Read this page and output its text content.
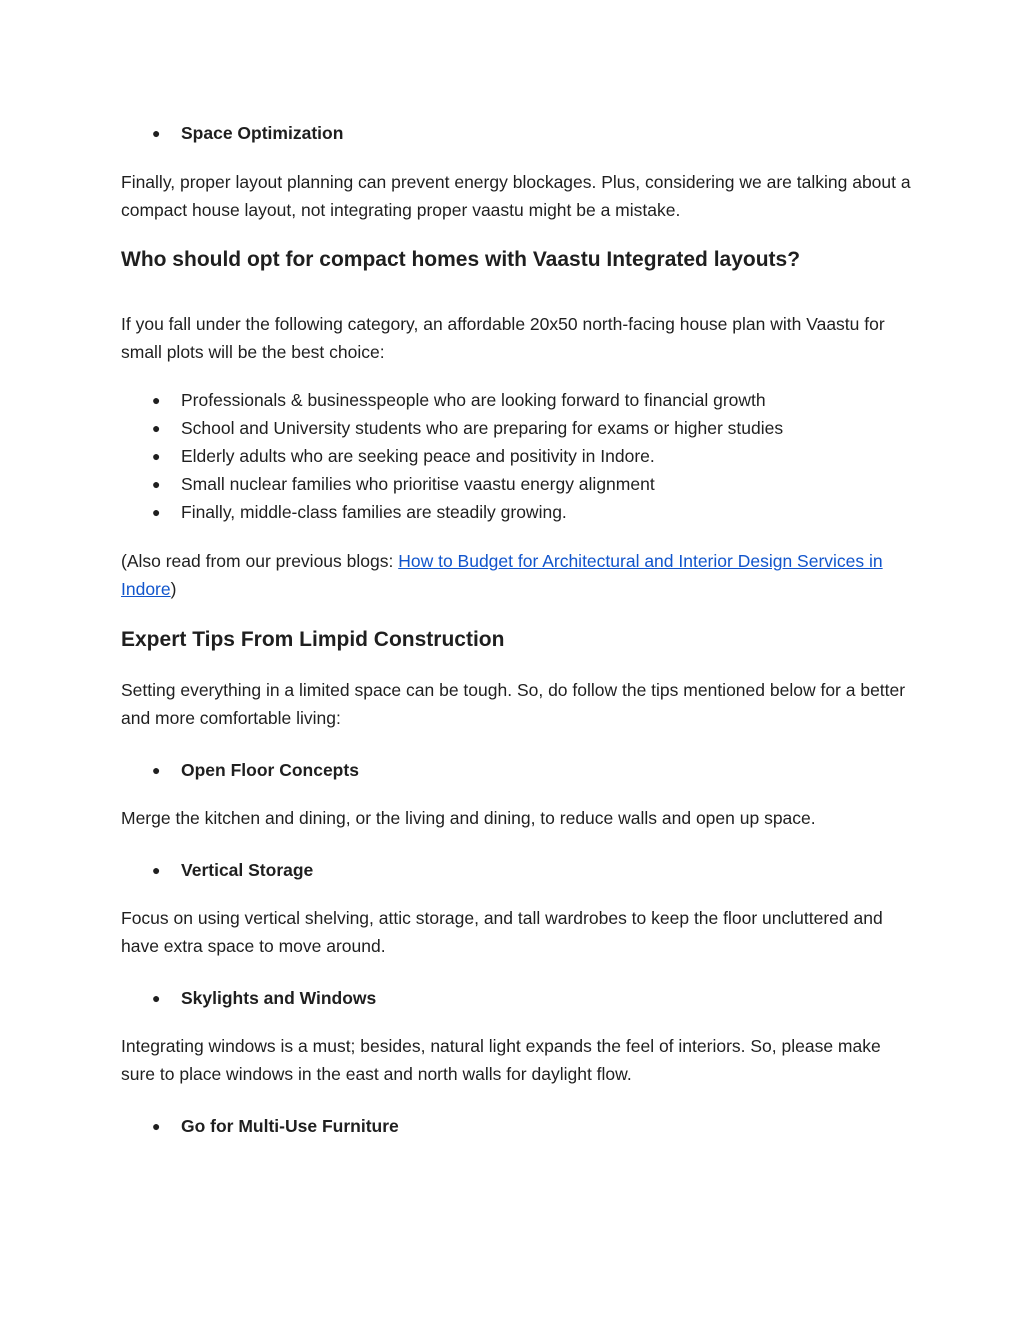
● Space Optimization

Finally, proper layout planning can prevent energy blockages. Plus, considering we are talking about a compact house layout, not integrating proper vaastu might be a mistake.

Who should opt for compact homes with Vaastu Integrated layouts?

If you fall under the following category, an affordable 20x50 north-facing house plan with Vaastu for small plots will be the best choice:

● Professionals & businesspeople who are looking forward to financial growth
● School and University students who are preparing for exams or higher studies
● Elderly adults who are seeking peace and positivity in Indore.
● Small nuclear families who prioritise vaastu energy alignment
● Finally, middle-class families are steadily growing.

(Also read from our previous blogs: How to Budget for Architectural and Interior Design Services in Indore)

Expert Tips From Limpid Construction

Setting everything in a limited space can be tough. So, do follow the tips mentioned below for a better and more comfortable living:

● Open Floor Concepts

Merge the kitchen and dining, or the living and dining, to reduce walls and open up space.

● Vertical Storage

Focus on using vertical shelving, attic storage, and tall wardrobes to keep the floor uncluttered and have extra space to move around.

● Skylights and Windows

Integrating windows is a must; besides, natural light expands the feel of interiors. So, please make sure to place windows in the east and north walls for daylight flow.

● Go for Multi-Use Furniture
